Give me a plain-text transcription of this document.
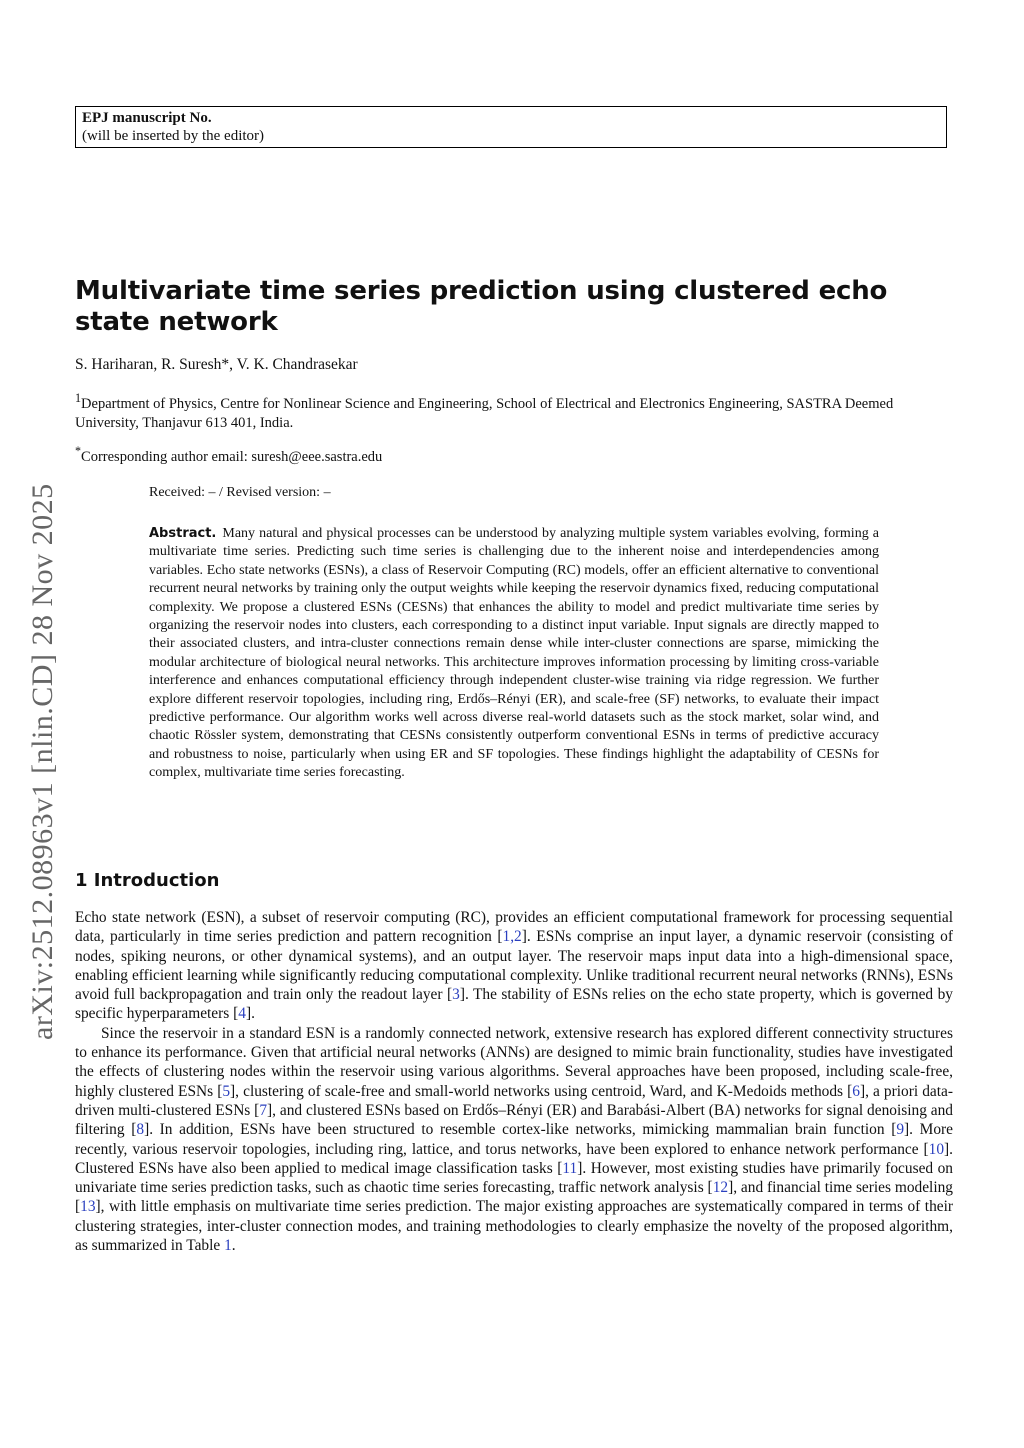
arXiv:2512.08963v1 [nlin.CD] 28 Nov 2025
EPJ manuscript No.
(will be inserted by the editor)
Multivariate time series prediction using clustered echo state network
S. Hariharan, R. Suresh*, V. K. Chandrasekar
$^1$Department of Physics, Centre for Nonlinear Science and Engineering, School of Electrical and Electronics Engineering, SASTRA Deemed University, Thanjavur 613 401, India.
*Corresponding author email: suresh@eee.sastra.edu
Received: – / Revised version: –

Abstract. Many natural and physical processes can be understood by analyzing multiple system variables evolving, forming a multivariate time series. Predicting such time series is challenging due to the inherent noise and interdependencies among variables. Echo state networks (ESNs), a class of Reservoir Computing (RC) models, offer an efficient alternative to conventional recurrent neural networks by training only the output weights while keeping the reservoir dynamics fixed, reducing computational complexity. We propose a clustered ESNs (CESNs) that enhances the ability to model and predict multivariate time series by organizing the reservoir nodes into clusters, each corresponding to a distinct input variable. Input signals are directly mapped to their associated clusters, and intra-cluster connections remain dense while inter-cluster connections are sparse, mimicking the modular architecture of biological neural networks. This architecture improves information processing by limiting cross-variable interference and enhances computational efficiency through independent cluster-wise training via ridge regression. We further explore different reservoir topologies, including ring, Erdős–Rényi (ER), and scale-free (SF) networks, to evaluate their impact predictive performance. Our algorithm works well across diverse real-world datasets such as the stock market, solar wind, and chaotic Rössler system, demonstrating that CESNs consistently outperform conventional ESNs in terms of predictive accuracy and robustness to noise, particularly when using ER and SF topologies. These findings highlight the adaptability of CESNs for complex, multivariate time series forecasting.

1 Introduction

Echo state network (ESN), a subset of reservoir computing (RC), provides an efficient computational framework for processing sequential data, particularly in time series prediction and pattern recognition [1,2]. ESNs comprise an input layer, a dynamic reservoir (consisting of nodes, spiking neurons, or other dynamical systems), and an output layer. The reservoir maps input data into a high-dimensional space, enabling efficient learning while significantly reducing computational complexity. Unlike traditional recurrent neural networks (RNNs), ESNs avoid full backpropagation and train only the readout layer [3]. The stability of ESNs relies on the echo state property, which is governed by specific hyperparameters [4].

Since the reservoir in a standard ESN is a randomly connected network, extensive research has explored different connectivity structures to enhance its performance. Given that artificial neural networks (ANNs) are designed to mimic brain functionality, studies have investigated the effects of clustering nodes within the reservoir using various algorithms. Several approaches have been proposed, including scale-free, highly clustered ESNs [5], clustering of scale-free and small-world networks using centroid, Ward, and K-Medoids methods [6], a priori data-driven multi-clustered ESNs [7], and clustered ESNs based on Erdős–Rényi (ER) and Barabási-Albert (BA) networks for signal denoising and filtering [8]. In addition, ESNs have been structured to resemble cortex-like networks, mimicking mammalian brain function [9]. More recently, various reservoir topologies, including ring, lattice, and torus networks, have been explored to enhance network performance [10]. Clustered ESNs have also been applied to medical image classification tasks [11]. However, most existing studies have primarily focused on univariate time series prediction tasks, such as chaotic time series forecasting, traffic network analysis [12], and financial time series modeling [13], with little emphasis on multivariate time series prediction. The major existing approaches are systematically compared in terms of their clustering strategies, inter-cluster connection modes, and training methodologies to clearly emphasize the novelty of the proposed algorithm, as summarized in Table 1.
